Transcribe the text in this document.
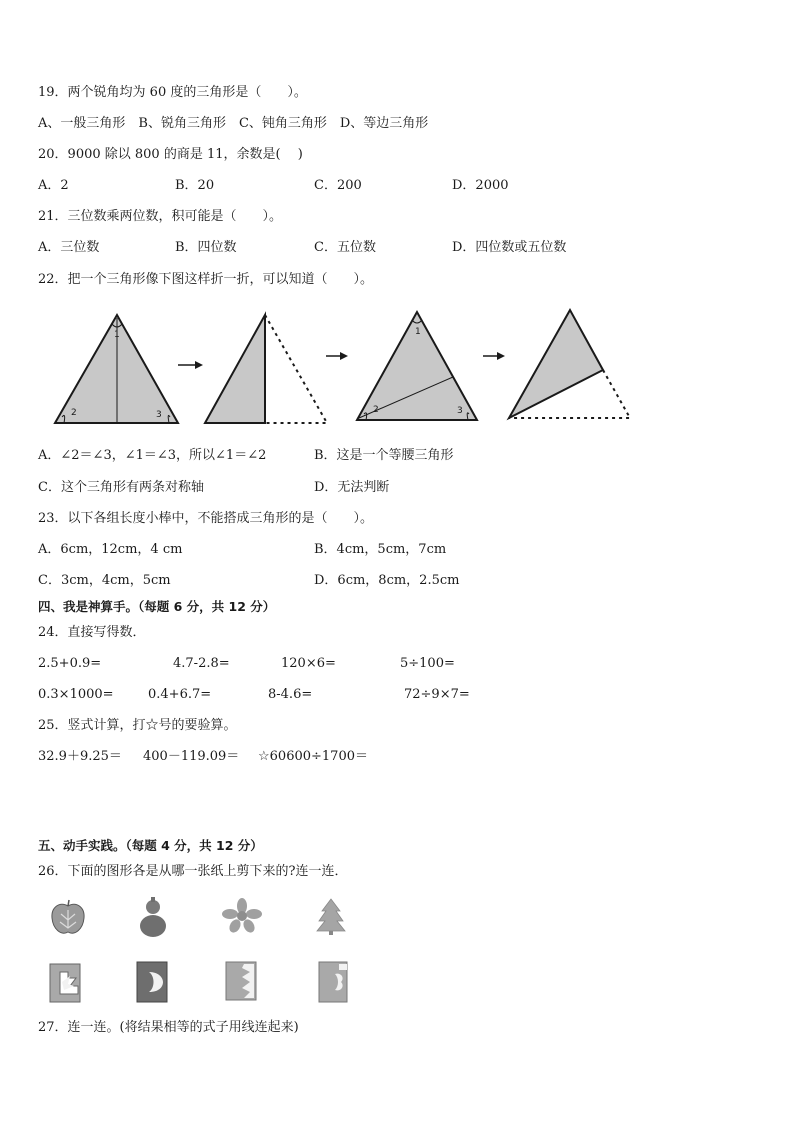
19．两个锐角均为 60 度的三角形是（　　）。
A、一般三角形　B、锐角三角形　C、钝角三角形　D、等边三角形
20．9000 除以 800 的商是 11，余数是(　 )
A．2	B．20	C．200	D．2000
21．三位数乘两位数，积可能是（　　）。
A．三位数	B．四位数	C．五位数	D．四位数或五位数
22．把一个三角形像下图这样折一折，可以知道（　　）。
1
2	3
1
2	3
A．∠2＝∠3，∠1＝∠3，所以∠1＝∠2	B．这是一个等腰三角形
C．这个三角形有两条对称轴	D．无法判断
23．以下各组长度小棒中，不能搭成三角形的是（　　）。
A．6cm，12cm，4 cm	B．4cm，5cm，7cm
C．3cm，4cm，5cm	D．6cm，8cm，2.5cm
四、我是神算手。（每题 6 分，共 12 分）
24．直接写得数．
2.5+0.9=	4.7-2.8=	120×6=	5÷100=
0.3×1000=	0.4+6.7=	8-4.6=	72÷9×7=
25．竖式计算，打☆号的要验算。
32.9＋9.25＝ 400－119.09＝ ☆60600÷1700＝
五、动手实践。（每题 4 分，共 12 分）
26．下面的图形各是从哪一张纸上剪下来的?连一连．
27．连一连。(将结果相等的式子用线连起来)
